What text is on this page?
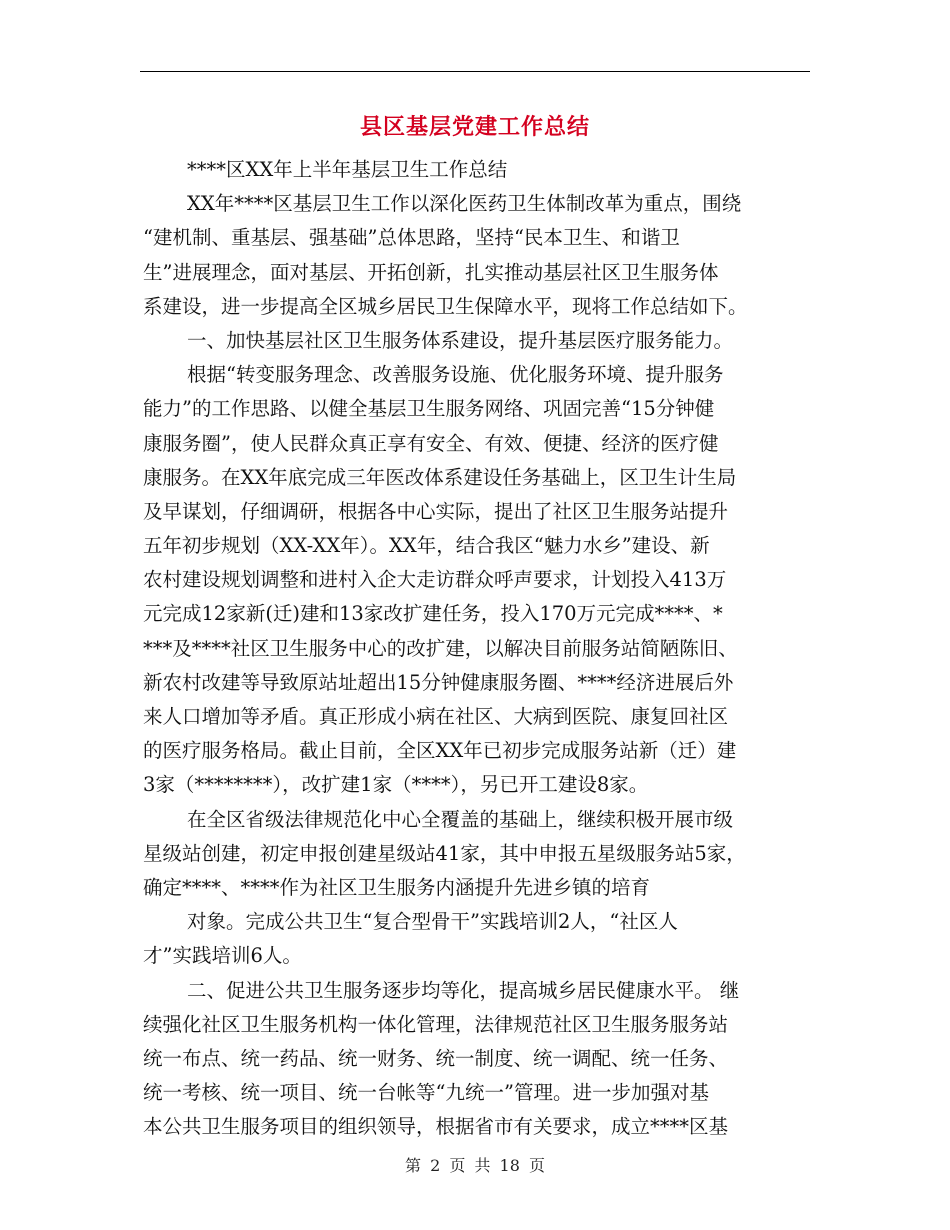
县区基层党建工作总结

****区XX年上半年基层卫生工作总结

XX年****区基层卫生工作以深化医药卫生体制改革为重点，围绕

“建机制、重基层、强基础”总体思路，坚持“民本卫生、和谐卫

生”进展理念，面对基层、开拓创新，扎实推动基层社区卫生服务体

系建设，进一步提高全区城乡居民卫生保障水平，现将工作总结如下。

一、加快基层社区卫生服务体系建设，提升基层医疗服务能力。

根据“转变服务理念、改善服务设施、优化服务环境、提升服务

能力”的工作思路、以健全基层卫生服务网络、巩固完善“15分钟健

康服务圈”，使人民群众真正享有安全、有效、便捷、经济的医疗健

康服务。在XX年底完成三年医改体系建设任务基础上，区卫生计生局

及早谋划，仔细调研，根据各中心实际，提出了社区卫生服务站提升

五年初步规划（XX-XX年）。XX年，结合我区“魅力水乡”建设、新

农村建设规划调整和进村入企大走访群众呼声要求，计划投入413万

元完成12家新(迁)建和13家改扩建任务，投入170万元完成****、*

***及****社区卫生服务中心的改扩建，以解决目前服务站简陋陈旧、

新农村改建等导致原站址超出15分钟健康服务圈、****经济进展后外

来人口增加等矛盾。真正形成小病在社区、大病到医院、康复回社区

的医疗服务格局。截止目前，全区XX年已初步完成服务站新（迁）建

3家（********），改扩建1家（****），另已开工建设8家。

在全区省级法律规范化中心全覆盖的基础上，继续积极开展市级

星级站创建，初定申报创建星级站41家，其中申报五星级服务站5家，

确定****、****作为社区卫生服务内涵提升先进乡镇的培育

对象。完成公共卫生“复合型骨干”实践培训2人，“社区人

才”实践培训6人。

二、促进公共卫生服务逐步均等化，提高城乡居民健康水平。 继

续强化社区卫生服务机构一体化管理，法律规范社区卫生服务服务站

统一布点、统一药品、统一财务、统一制度、统一调配、统一任务、

统一考核、统一项目、统一台帐等“九统一”管理。进一步加强对基

本公共卫生服务项目的组织领导，根据省市有关要求，成立****区基

第 2 页 共 18 页
